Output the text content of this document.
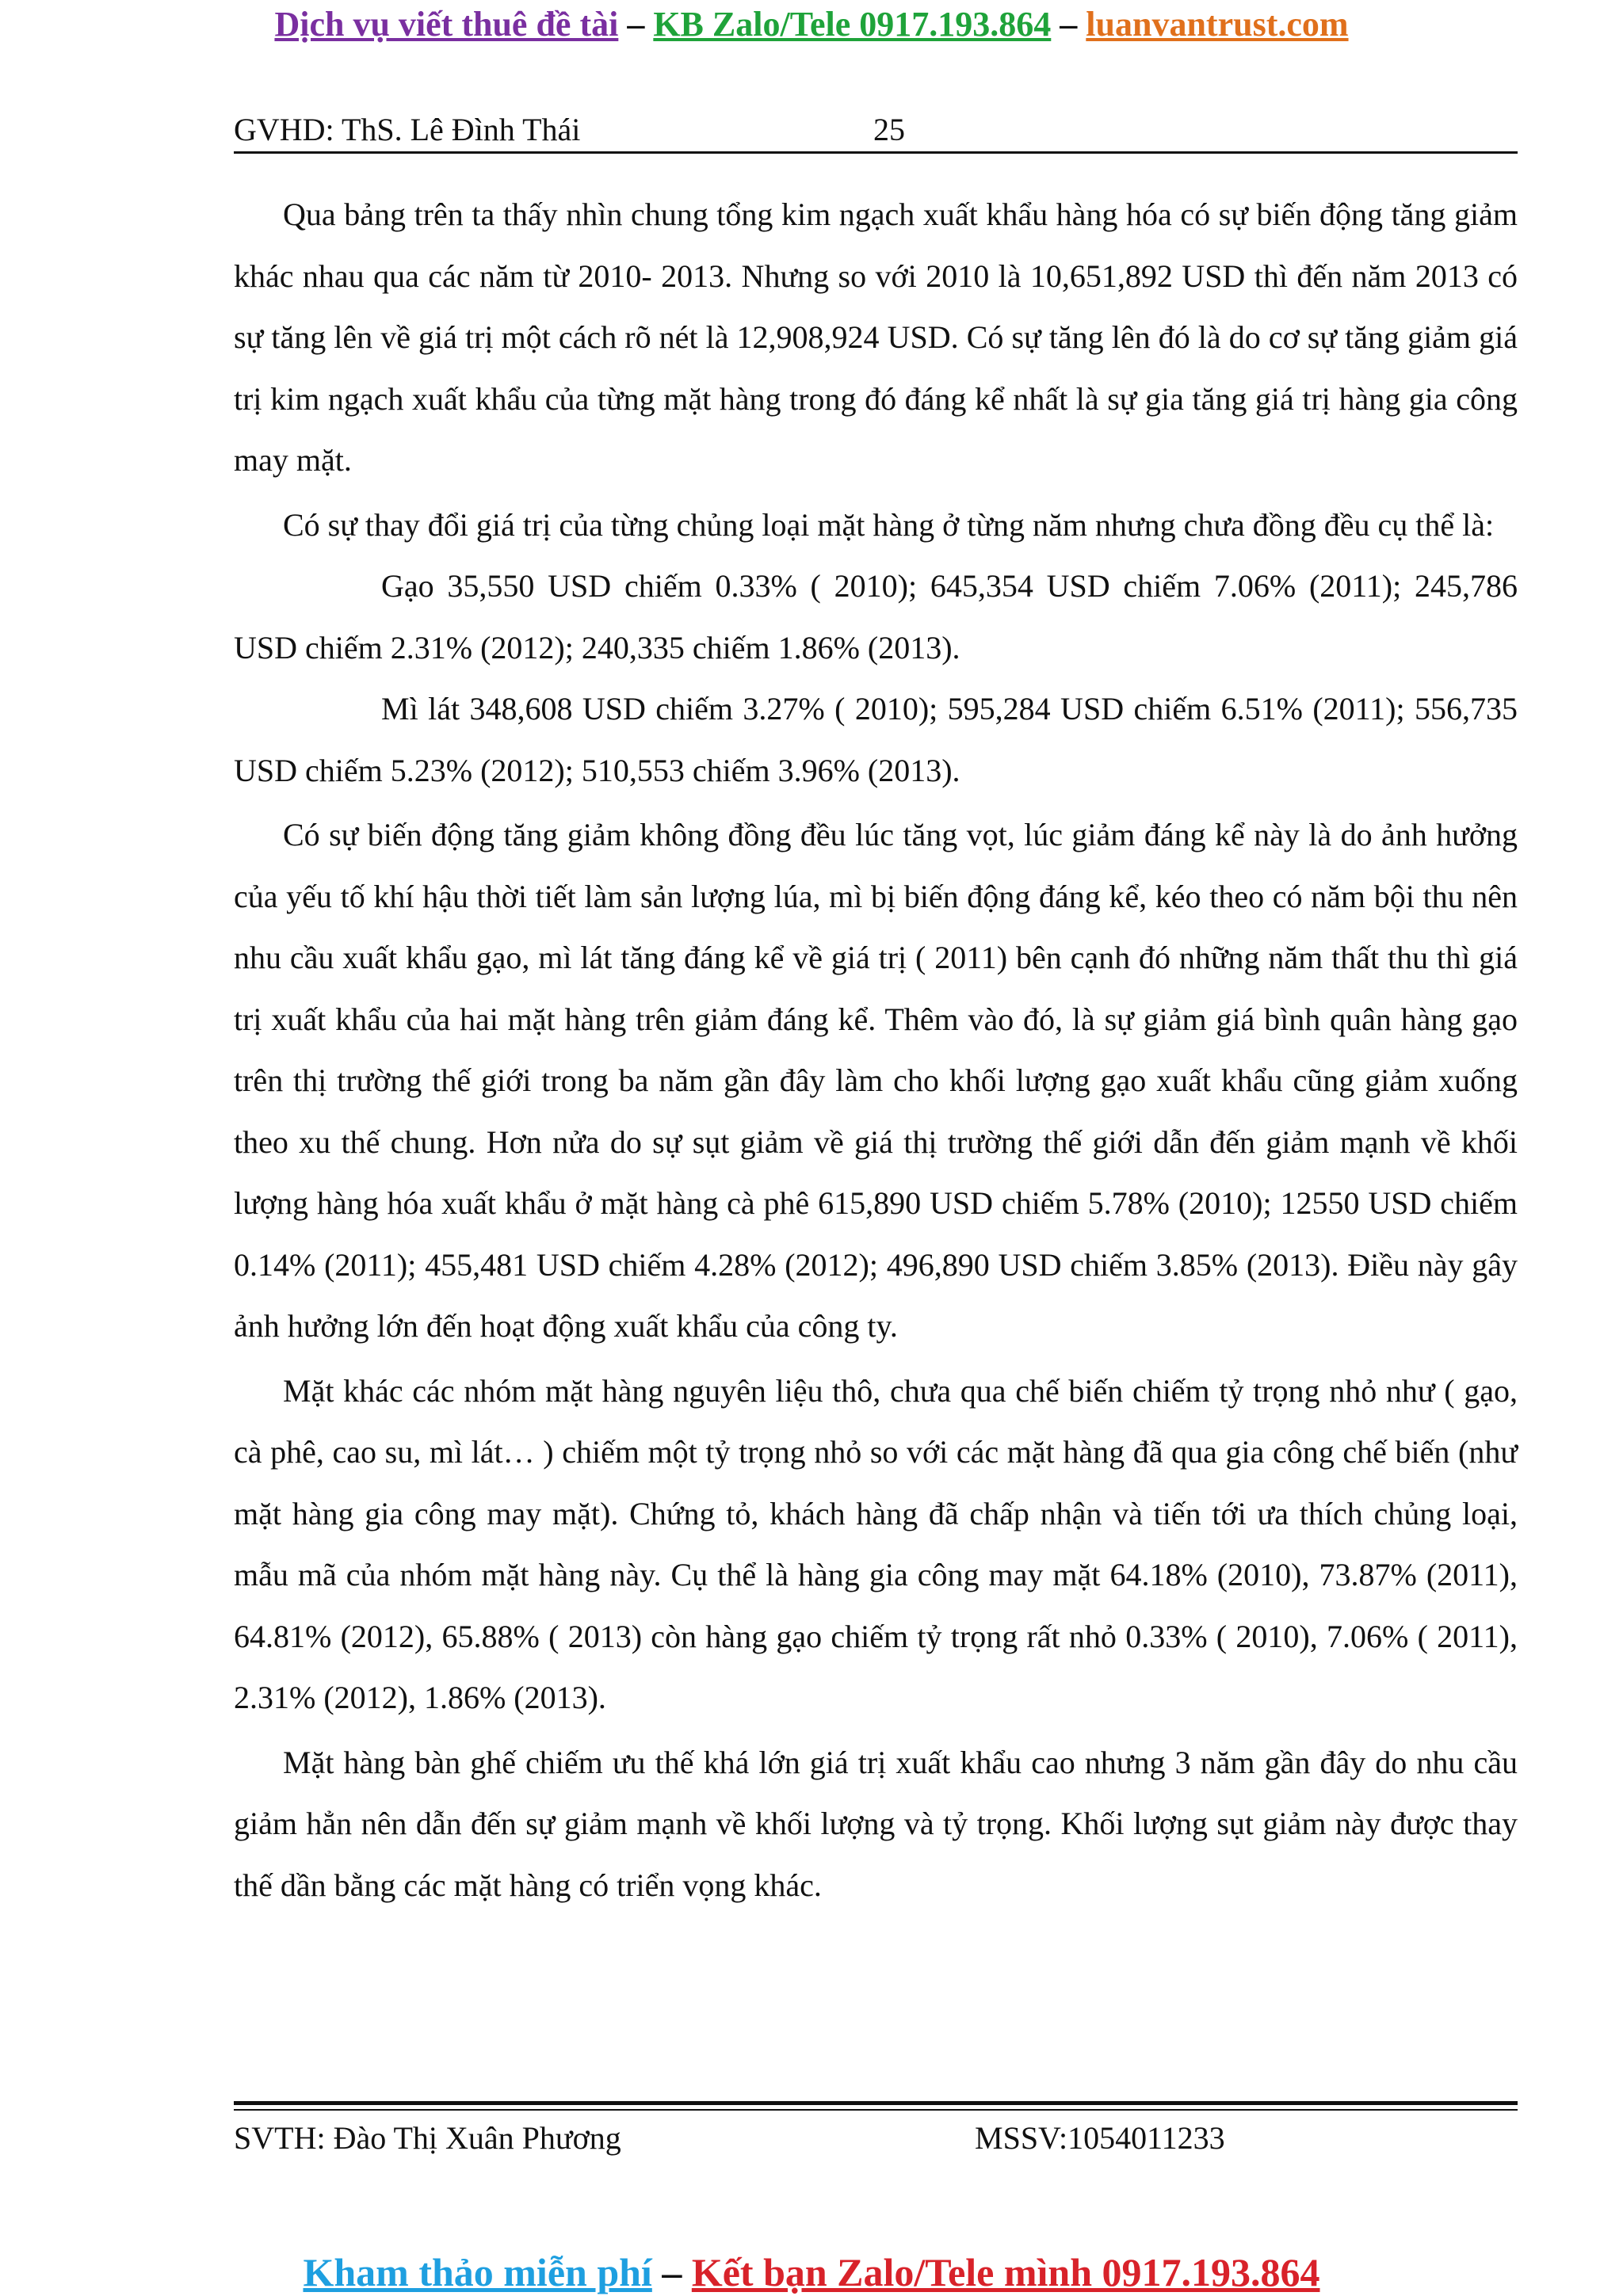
Dịch vụ viết thuê đề tài – KB Zalo/Tele 0917.193.864 – luanvantrust.com
GVHD: ThS. Lê Đình Thái	25

Qua bảng trên ta thấy nhìn chung tổng kim ngạch xuất khẩu hàng hóa có sự biến động tăng giảm khác nhau qua các năm từ 2010- 2013. Nhưng so với 2010 là 10,651,892 USD thì đến năm 2013 có sự tăng lên về giá trị một cách rõ nét là 12,908,924 USD. Có sự tăng lên đó là do cơ sự tăng giảm giá trị kim ngạch xuất khẩu của từng mặt hàng trong đó đáng kể nhất là sự gia tăng giá trị hàng gia công may mặt.

Có sự thay đổi giá trị của từng chủng loại mặt hàng ở từng năm nhưng chưa đồng đều cụ thể là:

Gạo 35,550 USD chiếm 0.33% ( 2010); 645,354 USD chiếm 7.06% (2011); 245,786 USD chiếm 2.31% (2012); 240,335 chiếm 1.86% (2013).

Mì lát 348,608 USD chiếm 3.27% ( 2010); 595,284 USD chiếm 6.51% (2011); 556,735 USD chiếm 5.23% (2012); 510,553 chiếm 3.96% (2013).

Có sự biến động tăng giảm không đồng đều lúc tăng vọt, lúc giảm đáng kể này là do ảnh hưởng của yếu tố khí hậu thời tiết làm sản lượng lúa, mì bị biến động đáng kể, kéo theo có năm bội thu nên nhu cầu xuất khẩu gạo, mì lát tăng đáng kể về giá trị ( 2011) bên cạnh đó những năm thất thu thì giá trị xuất khẩu của hai mặt hàng trên giảm đáng kể. Thêm vào đó, là sự giảm giá bình quân hàng gạo trên thị trường thế giới trong ba năm gần đây làm cho khối lượng gạo xuất khẩu cũng giảm xuống theo xu thế chung. Hơn nửa do sự sụt giảm về giá thị trường thế giới dẫn đến giảm mạnh về khối lượng hàng hóa xuất khẩu ở mặt hàng cà phê 615,890 USD chiếm 5.78% (2010); 12550 USD chiếm 0.14% (2011); 455,481 USD chiếm 4.28% (2012); 496,890 USD chiếm 3.85% (2013). Điều này gây ảnh hưởng lớn đến hoạt động xuất khẩu của công ty.

Mặt khác các nhóm mặt hàng nguyên liệu thô, chưa qua chế biến chiếm tỷ trọng nhỏ như ( gạo, cà phê, cao su, mì lát… ) chiếm một tỷ trọng nhỏ so với các mặt hàng đã qua gia công chế biến (như mặt hàng gia công may mặt). Chứng tỏ, khách hàng đã chấp nhận và tiến tới ưa thích chủng loại, mẫu mã của nhóm mặt hàng này. Cụ thể là hàng gia công may mặt 64.18% (2010), 73.87% (2011), 64.81% (2012), 65.88% ( 2013) còn hàng gạo chiếm tỷ trọng rất nhỏ 0.33% ( 2010), 7.06% ( 2011), 2.31% (2012), 1.86% (2013).

Mặt hàng bàn ghế chiếm ưu thế khá lớn giá trị xuất khẩu cao nhưng 3 năm gần đây do nhu cầu giảm hẳn nên dẫn đến sự giảm mạnh về khối lượng và tỷ trọng. Khối lượng sụt giảm này được thay thế dần bằng các mặt hàng có triển vọng khác.

SVTH: Đào Thị Xuân Phương	MSSV:1054011233
Kham thảo miễn phí – Kết bạn Zalo/Tele mình 0917.193.864
